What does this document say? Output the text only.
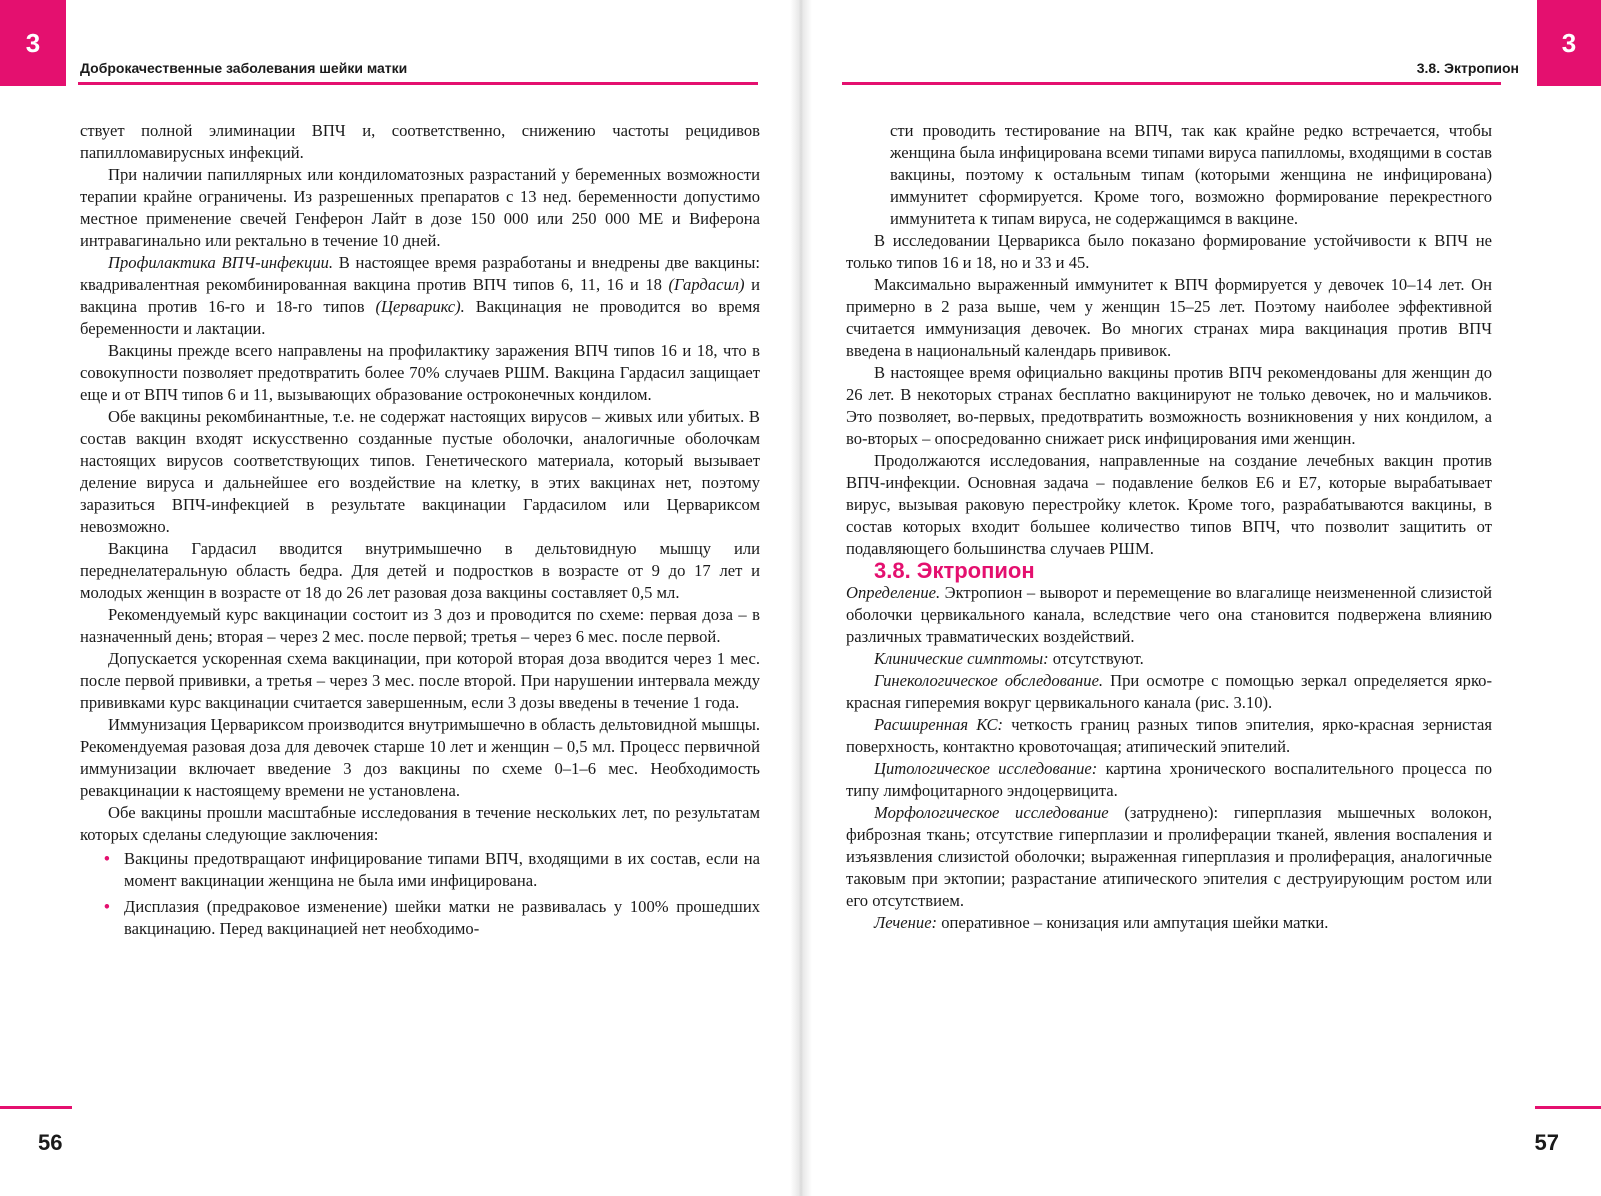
3
Доброкачественные заболевания шейки матки

ствует полной элиминации ВПЧ и, соответственно, снижению частоты рецидивов папилломавирусных инфекций.

При наличии папиллярных или кондиломатозных разрастаний у беременных возможности терапии крайне ограничены. Из разрешенных препаратов с 13 нед. беременности допустимо местное применение свечей Генферон Лайт в дозе 150 000 или 250 000 МЕ и Виферона интравагинально или ректально в течение 10 дней.

Профилактика ВПЧ-инфекции. В настоящее время разработаны и внедрены две вакцины: квадривалентная рекомбинированная вакцина против ВПЧ типов 6, 11, 16 и 18 (Гардасил) и вакцина против 16-го и 18-го типов (Церварикс). Вакцинация не проводится во время беременности и лактации.

Вакцины прежде всего направлены на профилактику заражения ВПЧ типов 16 и 18, что в совокупности позволяет предотвратить более 70% случаев РШМ. Вакцина Гардасил защищает еще и от ВПЧ типов 6 и 11, вызывающих образование остроконечных кондилом.

Обе вакцины рекомбинантные, т.е. не содержат настоящих вирусов – живых или убитых. В состав вакцин входят искусственно созданные пустые оболочки, аналогичные оболочкам настоящих вирусов соответствующих типов. Генетического материала, который вызывает деление вируса и дальнейшее его воздействие на клетку, в этих вакцинах нет, поэтому заразиться ВПЧ-инфекцией в результате вакцинации Гардасилом или Цервариксом невозможно.

Вакцина Гардасил вводится внутримышечно в дельтовидную мышцу или переднелатеральную область бедра. Для детей и подростков в возрасте от 9 до 17 лет и молодых женщин в возрасте от 18 до 26 лет разовая доза вакцины составляет 0,5 мл.

Рекомендуемый курс вакцинации состоит из 3 доз и проводится по схеме: первая доза – в назначенный день; вторая – через 2 мес. после первой; третья – через 6 мес. после первой.

Допускается ускоренная схема вакцинации, при которой вторая доза вводится через 1 мес. после первой прививки, а третья – через 3 мес. после второй. При нарушении интервала между прививками курс вакцинации считается завершенным, если 3 дозы введены в течение 1 года.

Иммунизация Цервариксом производится внутримышечно в область дельтовидной мышцы. Рекомендуемая разовая доза для девочек старше 10 лет и женщин – 0,5 мл. Процесс первичной иммунизации включает введение 3 доз вакцины по схеме 0–1–6 мес. Необходимость ревакцинации к настоящему времени не установлена.

Обе вакцины прошли масштабные исследования в течение нескольких лет, по результатам которых сделаны следующие заключения:

• Вакцины предотвращают инфицирование типами ВПЧ, входящими в их состав, если на момент вакцинации женщина не была ими инфицирована.
• Дисплазия (предраковое изменение) шейки матки не развивалась у 100% прошедших вакцинацию. Перед вакцинацией нет необходимо-
56
3
3.8. Эктропион

сти проводить тестирование на ВПЧ, так как крайне редко встречается, чтобы женщина была инфицирована всеми типами вируса папилломы, входящими в состав вакцины, поэтому к остальным типам (которыми женщина не инфицирована) иммунитет сформируется. Кроме того, возможно формирование перекрестного иммунитета к типам вируса, не содержащимся в вакцине.

В исследовании Церварикса было показано формирование устойчивости к ВПЧ не только типов 16 и 18, но и 33 и 45.

Максимально выраженный иммунитет к ВПЧ формируется у девочек 10–14 лет. Он примерно в 2 раза выше, чем у женщин 15–25 лет. Поэтому наиболее эффективной считается иммунизация девочек. Во многих странах мира вакцинация против ВПЧ введена в национальный календарь прививок.

В настоящее время официально вакцины против ВПЧ рекомендованы для женщин до 26 лет. В некоторых странах бесплатно вакцинируют не только девочек, но и мальчиков. Это позволяет, во-первых, предотвратить возможность возникновения у них кондилом, а во-вторых – опосредованно снижает риск инфицирования ими женщин.

Продолжаются исследования, направленные на создание лечебных вакцин против ВПЧ-инфекции. Основная задача – подавление белков Е6 и Е7, которые вырабатывает вирус, вызывая раковую перестройку клеток. Кроме того, разрабатываются вакцины, в состав которых входит большее количество типов ВПЧ, что позволит защитить от подавляющего большинства случаев РШМ.

3.8. Эктропион

Определение. Эктропион – выворот и перемещение во влагалище неизмененной слизистой оболочки цервикального канала, вследствие чего она становится подвержена влиянию различных травматических воздействий.

Клинические симптомы: отсутствуют.

Гинекологическое обследование. При осмотре с помощью зеркал определяется ярко-красная гиперемия вокруг цервикального канала (рис. 3.10).

Расширенная КС: четкость границ разных типов эпителия, ярко-красная зернистая поверхность, контактно кровоточащая; атипический эпителий.

Цитологическое исследование: картина хронического воспалительного процесса по типу лимфоцитарного эндоцервицита.

Морфологическое исследование (затруднено): гиперплазия мышечных волокон, фиброзная ткань; отсутствие гиперплазии и пролиферации тканей, явления воспаления и изъязвления слизистой оболочки; выраженная гиперплазия и пролиферация, аналогичные таковым при эктопии; разрастание атипического эпителия с деструирующим ростом или его отсутствием.

Лечение: оперативное – конизация или ампутация шейки матки.

57
